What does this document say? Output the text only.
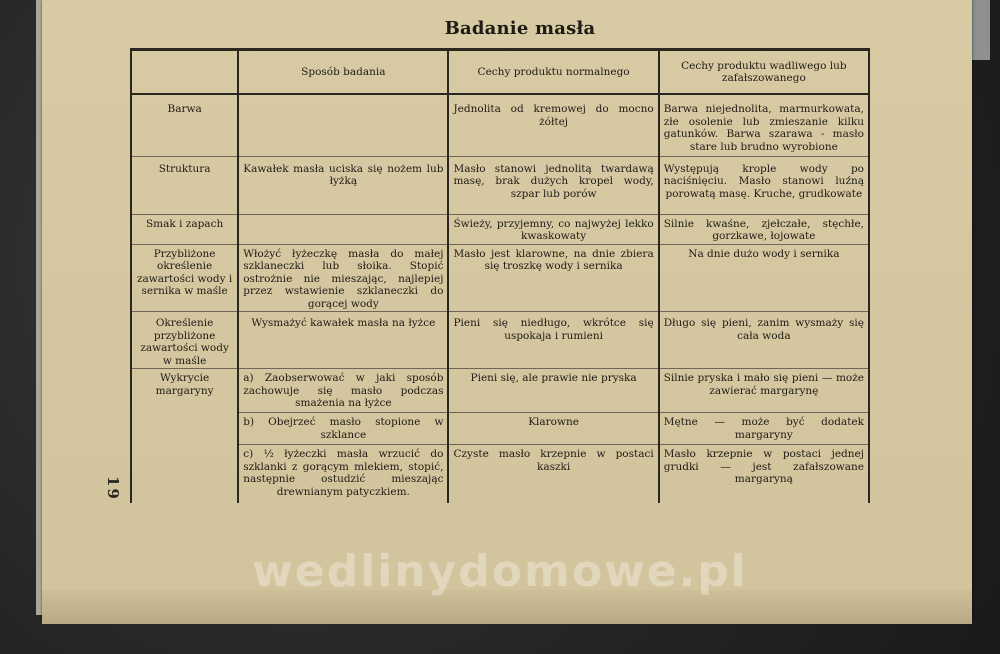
Badanie masła
	Sposób badania	Cechy produktu normalnego	Cechy produktu wadliwego lub zafałszowanego
Barwa		Jednolita od kremowej do mocno żółtej	Barwa niejednolita, marmurkowata, złe osolenie lub zmieszanie kilku gatunków. Barwa szarawa - masło stare lub brudno wyrobione
Struktura	Kawałek masła uciska się nożem lub łyżką	Masło stanowi jednolitą twardawą masę, brak dużych kropel wody, szpar lub porów	Występują krople wody po naciśnięciu. Masło stanowi luźną porowatą masę. Kruche, grudkowate
Smak i zapach		Świeży, przyjemny, co najwyżej lekko kwaskowaty	Silnie kwaśne, zjełczałe, stęchłe, gorzkawe, łojowate
Przybliżone określenie zawartości wody i sernika w maśle	Włożyć łyżeczkę masła do małej szklaneczki lub słoika. Stopić ostrożnie nie mieszając, najlepiej przez wstawienie szklaneczki do gorącej wody	Masło jest klarowne, na dnie zbiera się troszkę wody i sernika	Na dnie dużo wody i sernika
Określenie przybliżone zawartości wody w maśle	Wysmażyć kawałek masła na łyżce	Pieni się niedługo, wkrótce się uspokaja i rumieni	Długo się pieni, zanim wysmaży się cała woda
Wykrycie margaryny	a) Zaobserwować w jaki sposób zachowuje się masło podczas smażenia na łyżce	Pieni się, ale prawie nie pryska	Silnie pryska i mało się pieni — może zawierać margarynę
	b) Obejrzeć masło stopione w szklance	Klarowne	Mętne — może być dodatek margaryny
	c) ½ łyżeczki masła wrzucić do szklanki z gorącym mlekiem, stopić, następnie ostudzić mieszając drewnianym patyczkiem.	Czyste masło krzepnie w postaci kaszki	Masło krzepnie w postaci jednej grudki — jest zafałszowane margaryną
19
wedlinydomowe.pl
